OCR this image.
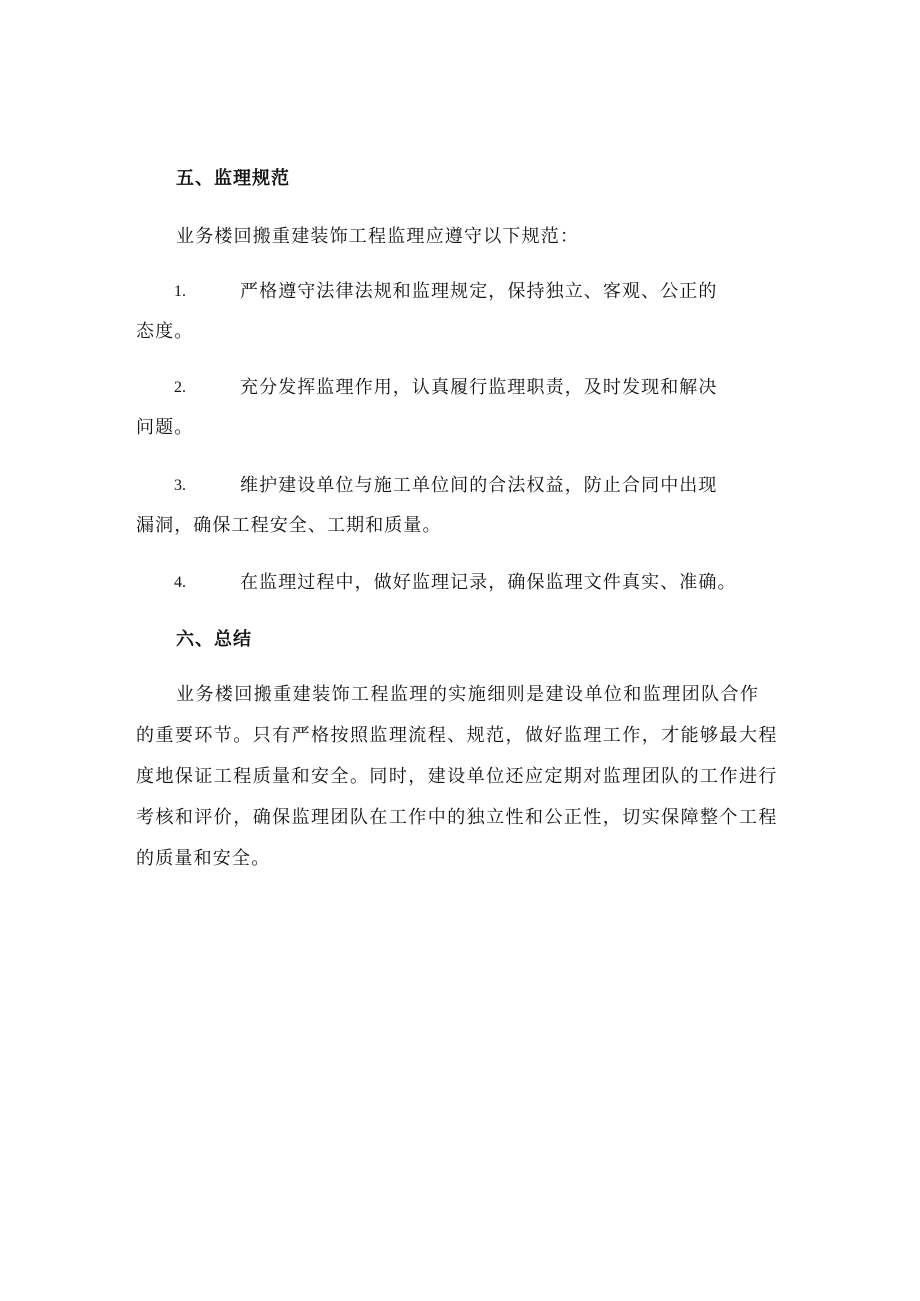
五、监理规范
业务楼回搬重建装饰工程监理应遵守以下规范：
1.	严格遵守法律法规和监理规定，保持独立、客观、公正的
态度。
2.	充分发挥监理作用，认真履行监理职责，及时发现和解决
问题。
3.	维护建设单位与施工单位间的合法权益，防止合同中出现
漏洞，确保工程安全、工期和质量。
4.	在监理过程中，做好监理记录，确保监理文件真实、准确。
六、总结
业务楼回搬重建装饰工程监理的实施细则是建设单位和监理团队合作
的重要环节。只有严格按照监理流程、规范，做好监理工作，才能够最大程
度地保证工程质量和安全。同时，建设单位还应定期对监理团队的工作进行
考核和评价，确保监理团队在工作中的独立性和公正性，切实保障整个工程
的质量和安全。
